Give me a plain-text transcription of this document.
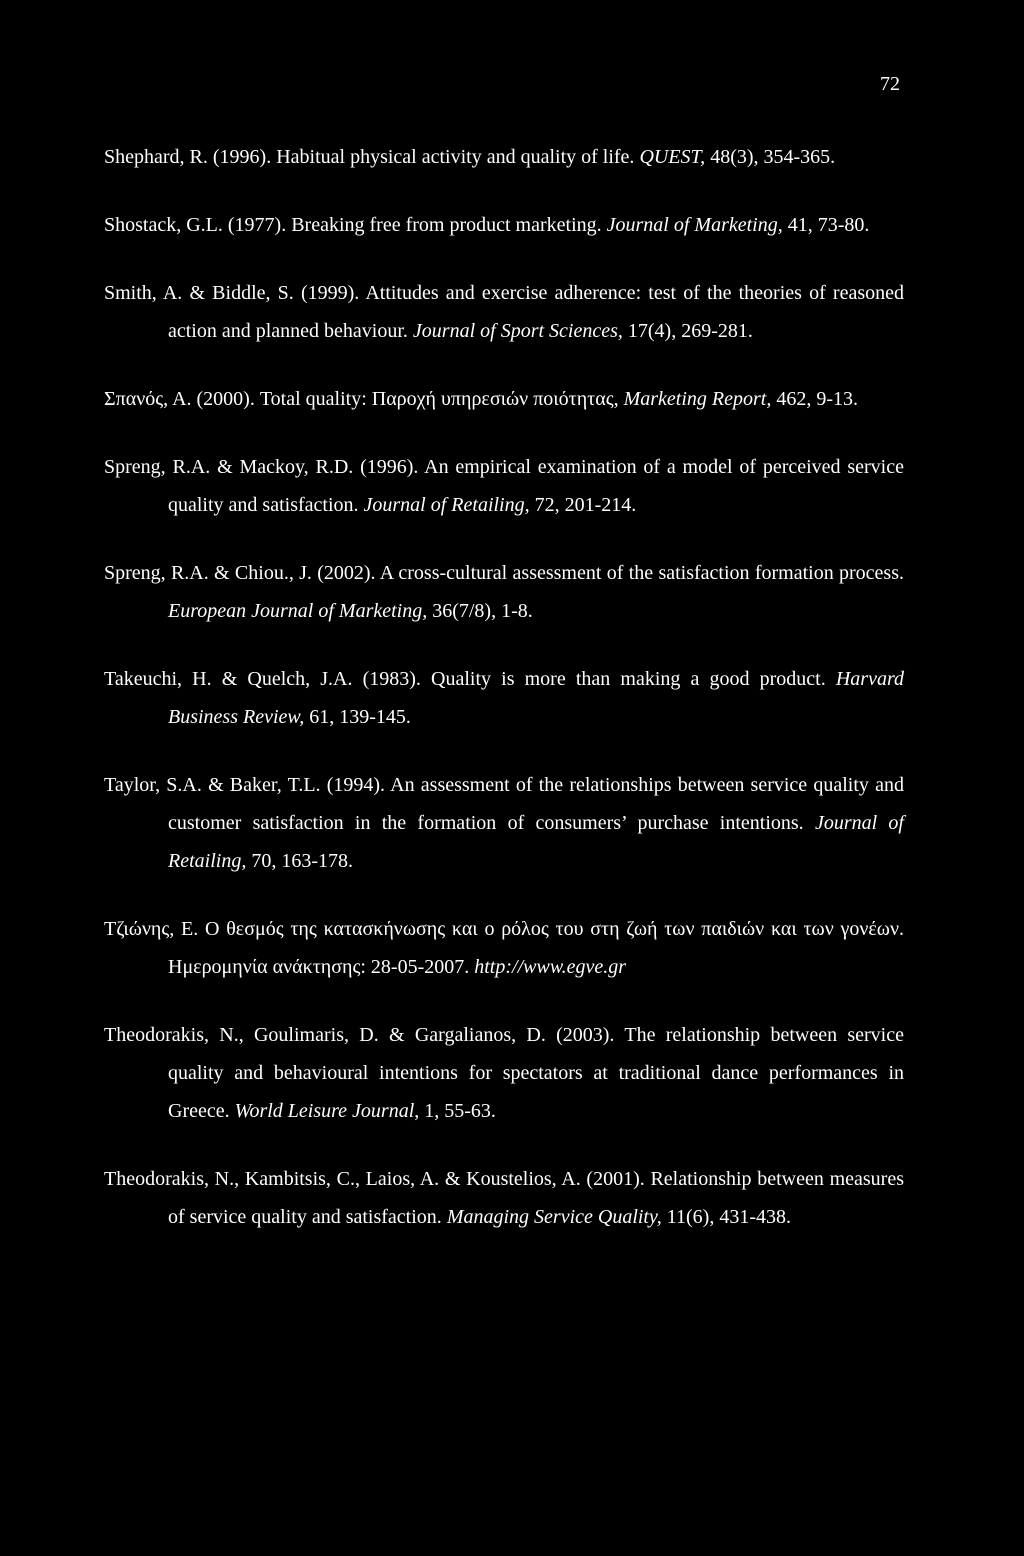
72

Shephard, R. (1996). Habitual physical activity and quality of life. QUEST, 48(3), 354-365.

Shostack, G.L. (1977). Breaking free from product marketing. Journal of Marketing, 41, 73-80.

Smith, A. & Biddle, S. (1999). Attitudes and exercise adherence: test of the theories of reasoned action and planned behaviour. Journal of Sport Sciences, 17(4), 269-281.

Σπανός, Α. (2000). Total quality: Παροχή υπηρεσιών ποιότητας, Marketing Report, 462, 9-13.

Spreng, R.A. & Mackoy, R.D. (1996). An empirical examination of a model of perceived service quality and satisfaction. Journal of Retailing, 72, 201-214.

Spreng, R.A. & Chiou., J. (2002). A cross-cultural assessment of the satisfaction formation process. European Journal of Marketing, 36(7/8), 1-8.

Takeuchi, H. & Quelch, J.A. (1983). Quality is more than making a good product. Harvard Business Review, 61, 139-145.

Taylor, S.A. & Baker, T.L. (1994). An assessment of the relationships between service quality and customer satisfaction in the formation of consumers’ purchase intentions. Journal of Retailing, 70, 163-178.

Τζιώνης, Ε. Ο θεσμός της κατασκήνωσης και ο ρόλος του στη ζωή των παιδιών και των γονέων. Ημερομηνία ανάκτησης: 28-05-2007. http://www.egve.gr

Theodorakis, N., Goulimaris, D. & Gargalianos, D. (2003). The relationship between service quality and behavioural intentions for spectators at traditional dance performances in Greece. World Leisure Journal, 1, 55-63.

Theodorakis, N., Kambitsis, C., Laios, A. & Koustelios, A. (2001). Relationship between measures of service quality and satisfaction. Managing Service Quality, 11(6), 431-438.
